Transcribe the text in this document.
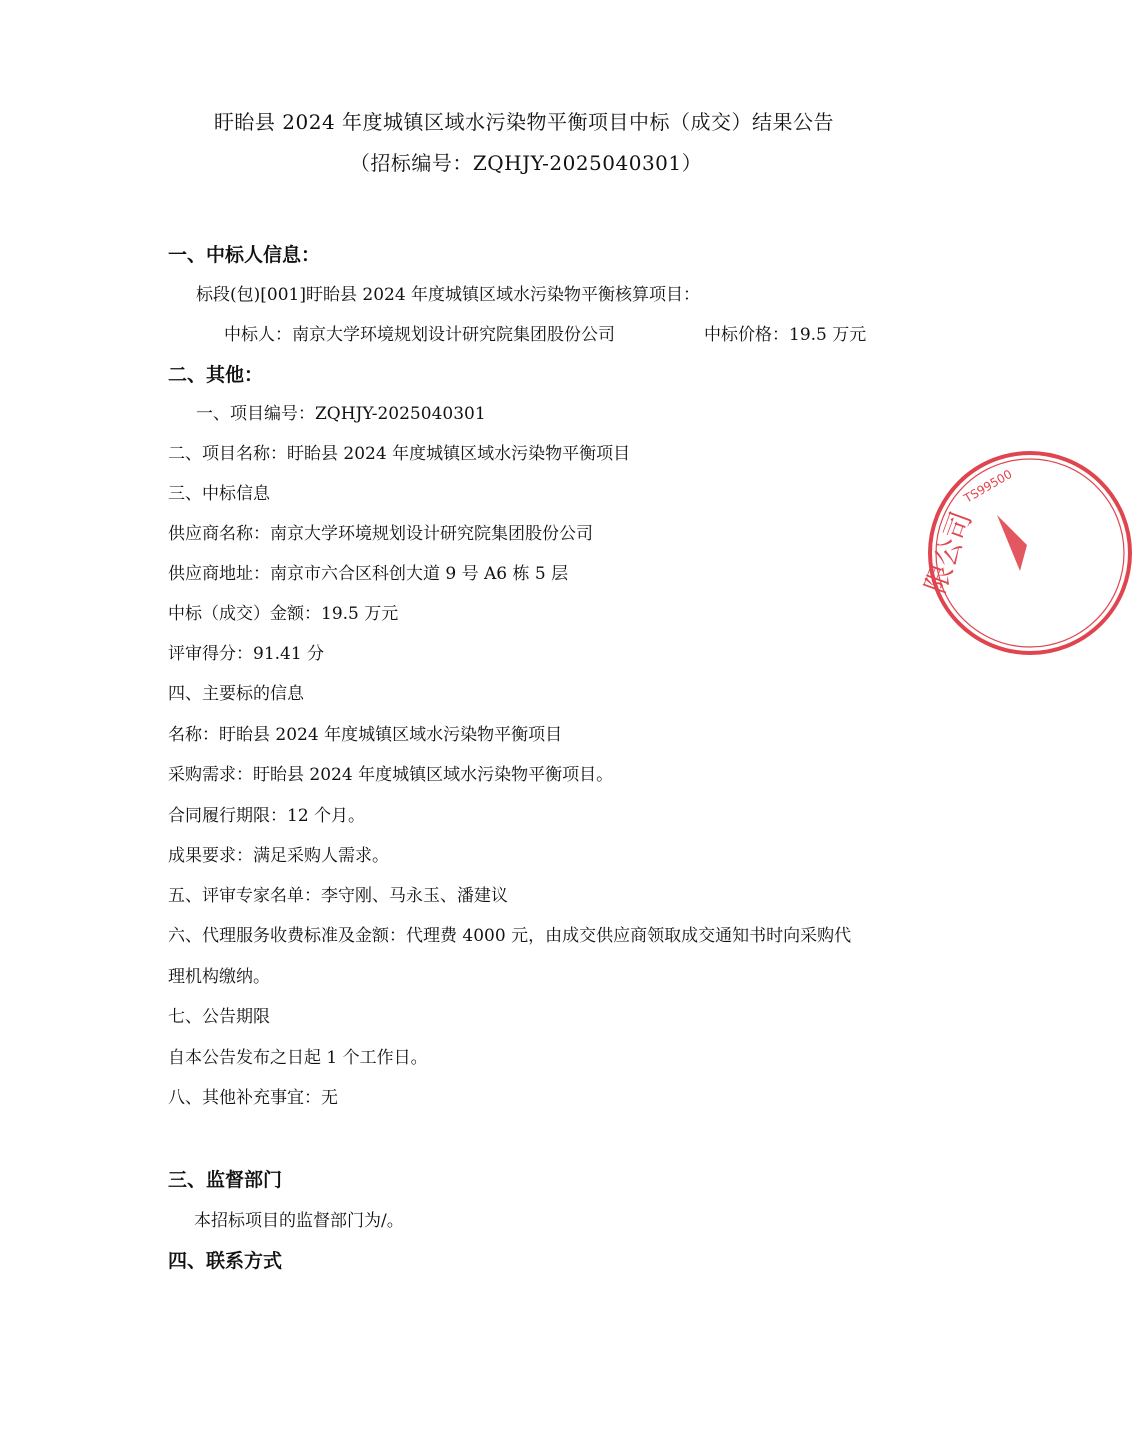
盱眙县 2024 年度城镇区域水污染物平衡项目中标（成交）结果公告
（招标编号：ZQHJY-2025040301）
一、中标人信息：
标段(包)[001]盱眙县 2024 年度城镇区域水污染物平衡核算项目：
中标人：南京大学环境规划设计研究院集团股份公司	中标价格：19.5 万元
二、其他：
一、项目编号：ZQHJY-2025040301
二、项目名称：盱眙县 2024 年度城镇区域水污染物平衡项目
三、中标信息
供应商名称：南京大学环境规划设计研究院集团股份公司
供应商地址：南京市六合区科创大道 9 号 A6 栋 5 层
中标（成交）金额：19.5 万元
评审得分：91.41 分
四、主要标的信息
名称：盱眙县 2024 年度城镇区域水污染物平衡项目
采购需求：盱眙县 2024 年度城镇区域水污染物平衡项目。
合同履行期限：12 个月。
成果要求：满足采购人需求。
五、评审专家名单：李守刚、马永玉、潘建议
六、代理服务收费标准及金额：代理费 4000 元，由成交供应商领取成交通知书时向采购代
理机构缴纳。
七、公告期限
自本公告发布之日起 1 个工作日。
八、其他补充事宜：无
三、监督部门
本招标项目的监督部门为/。
四、联系方式
TS99500
限公司
